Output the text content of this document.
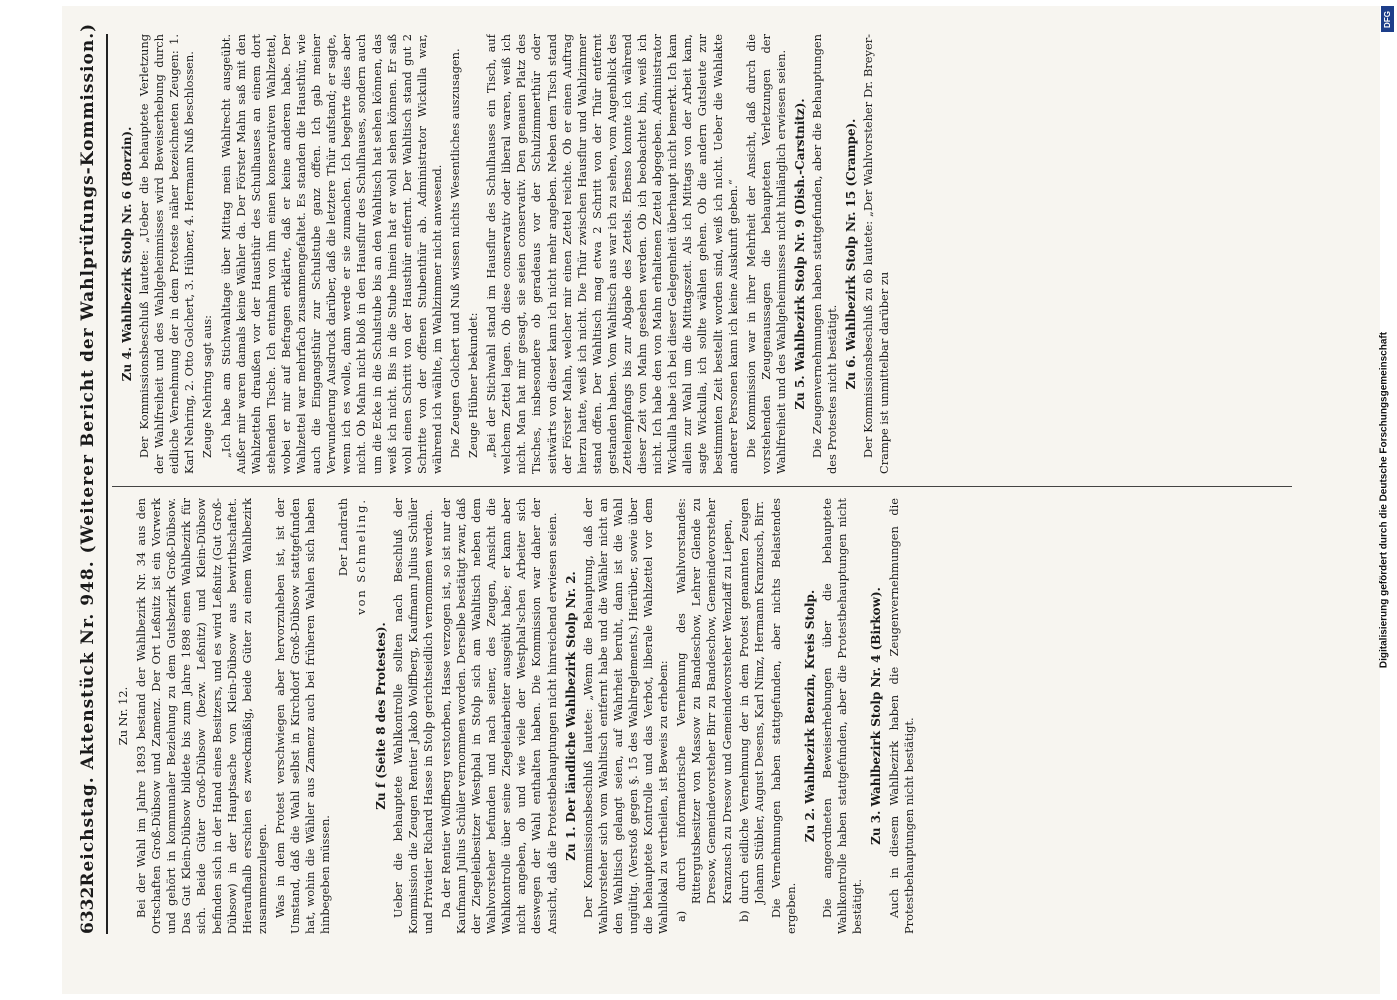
6332
Reichstag. Aktenstück Nr. 948. (Weiterer Bericht der Wahlprüfungs-Kommission.) Zu Nr. 12. Bei der Wahl im Jahre 1893 bestand der Wahlbezirk Nr. 34 aus den Ortschaften Groß-Dübsow und Zamenz. Der Ort Leßnitz ist ein Vorwerk und gehört in kommunaler Beziehung zu dem Gutsbezirk Groß-Dübsow. Das Gut Klein-Dübsow bildete bis zum Jahre 1898 einen Wahlbezirk für sich. Beide Güter Groß-Dübsow (bezw. Leßnitz) und Klein-Dübsow befinden sich in der Hand eines Besitzers, und es wird Leßnitz (Gut Groß-Dübsow) in der Hauptsache von Klein-Dübsow aus bewirthschaftet. Hieraufhalb erschien es zweckmäßig, beide Güter zu einem Wahlbezirk zusammenzulegen. Was in dem Protest verschwiegen aber hervorzuheben ist, ist der Umstand, daß die Wahl selbst in Kirchdorf Groß-Dübsow stattgefunden hat, wohin die Wähler aus Zamenz auch bei früheren Wahlen sich haben hinbegeben müssen.

Der Landrath von Schmeling.

Zu f (Seite 8 des Protestes). Ueber die behauptete Wahlkontrolle sollten nach Beschluß der Kommission die Zeugen Rentier Jakob Wolffberg, Kaufmann Julius Schüler und Privatier Richard Hasse in Stolp gerichtseidlich vernommen werden. Da der Rentier Wolffberg verstorben, Hasse verzogen ist, so ist nur der Kaufmann Julius Schüler vernommen worden. Derselbe bestätigt zwar, daß der Ziegeleibesitzer Westphal in Stolp sich am Wahltisch neben dem Wahlvorsteher befunden und nach seiner, des Zeugen, Ansicht die Wahlkontrolle über seine Ziegeleiarbeiter ausgeübt habe; er kann aber nicht angeben, ob und wie viele der Westphal'schen Arbeiter sich deswegen der Wahl enthalten haben. Die Kommission war daher der Ansicht, daß die Protestbehauptungen nicht hinreichend erwiesen seien. Zu 1. Der ländliche Wahlbezirk Stolp Nr. 2. Der Kommissionsbeschluß lautete: „Wenn die Behauptung, daß der Wahlvorsteher sich vom Wahltisch entfernt habe und die Wähler nicht an den Wahltisch gelangt seien, auf Wahrheit beruht, dann ist die Wahl ungültig. (Verstoß gegen §. 15 des Wahlreglements.) Hierüber, sowie über die behauptete Kontrolle und das Verbot, liberale Wahlzettel vor dem Wahllokal zu vertheilen, ist Beweis zu erheben: a) durch informatorische Vernehmung des Wahlvorstandes: Rittergutsbesitzer von Massow zu Bandeschow, Lehrer Glende zu Dresow, Gemeindevorsteher Birr zu Bandeschow, Gemeindevorsteher Kranzusch zu Dresow und Gemeindevorsteher Wenzlaff zu Liepen, b) durch eidliche Vernehmung der in dem Protest genannten Zeugen Johann Stübler, August Desens, Karl Nimz, Hermann Kranzusch, Birr. Die Vernehmungen haben stattgefunden, aber nichts Belastendes ergeben.

Zu 2. Wahlbezirk Benzin, Kreis Stolp. Die angeordneten Beweiserhebungen über die behauptete Wahlkontrolle haben stattgefunden, aber die Protestbehauptungen nicht bestätigt.

Zu 3. Wahlbezirk Stolp Nr. 4 (Birkow). Auch in diesem Wahlbezirk haben die Zeugenvernehmungen die Protestbehauptungen nicht bestätigt.

Zu 4. Wahlbezirk Stolp Nr. 6 (Borzin). Der Kommissionsbeschluß lautete: „Ueber die behauptete Verletzung der Wahlfreiheit und des Wahlgeheimnisses wird Beweiserhebung durch eidliche Vernehmung der in dem Proteste näher bezeichneten Zeugen: 1. Karl Nehring, 2. Otto Golchert, 3. Hübner, 4. Hermann Nuß beschlossen. Zeuge Nehring sagt aus: „Ich habe am Stichwahltage über Mittag mein Wahlrecht ausgeübt. Außer mir waren damals keine Wähler da. Der Förster Mahn saß mit den Wahlzetteln draußen vor der Hausthür des Schulhauses an einem dort stehenden Tische. Ich entnahm von ihm einen konservativen Wahlzettel, wobei er mir auf Befragen erklärte, daß er keine anderen habe. Der Wahlzettel war mehrfach zusammengefaltet. Es standen die Hausthür, wie auch die Eingangsthür zur Schulstube ganz offen. Ich gab meiner Verwunderung Ausdruck darüber, daß die letztere Thür aufstand; er sagte, wenn ich es wolle, dann werde er sie zumachen. Ich begehrte dies aber nicht. Ob Mahn nicht bloß in den Hausflur des Schulhauses, sondern auch um die Ecke in die Schulstube bis an den Wahltisch hat sehen können, das weiß ich nicht. Bis in die Stube hinein hat er wohl sehen können. Er saß wohl einen Schritt von der Hausthür entfernt. Der Wahltisch stand gut 2 Schritte von der offenen Stubenthür ab. Administrator Wickulla war, während ich wählte, im Wahlzimmer nicht anwesend. Die Zeugen Golchert und Nuß wissen nichts Wesentliches auszusagen. Zeuge Hübner bekundet: „Bei der Stichwahl stand im Hausflur des Schulhauses ein Tisch, auf welchem Zettel lagen. Ob diese conservativ oder liberal waren, weiß ich nicht. Man hat mir gesagt, sie seien conservativ. Den genauen Platz des Tisches, insbesondere ob geradeaus vor der Schulzimmerthür oder seitwärts von dieser kann ich nicht mehr angeben. Neben dem Tisch stand der Förster Mahn, welcher mir einen Zettel reichte. Ob er einen Auftrag hierzu hatte, weiß ich nicht. Die Thür zwischen Hausflur und Wahlzimmer stand offen. Der Wahltisch mag etwa 2 Schritt von der Thür entfernt gestanden haben. Vom Wahltisch aus war ich zu sehen, vom Augenblick des Zettelempfangs bis zur Abgabe des Zettels. Ebenso konnte ich während dieser Zeit von Mahn gesehen werden. Ob ich beobachtet bin, weiß ich nicht. Ich habe den von Mahn erhaltenen Zettel abgegeben. Administrator Wickulla habe ich bei dieser Gelegenheit überhaupt nicht bemerkt. Ich kam allein zur Wahl um die Mittagszeit. Als ich Mittags von der Arbeit kam, sagte Wickulla, ich sollte wählen gehen. Ob die andern Gutsleute zur bestimmten Zeit bestellt worden sind, weiß ich nicht. Ueber die Wahlakte anderer Personen kann ich keine Auskunft geben.“ Die Kommission war in ihrer Mehrheit der Ansicht, daß durch die vorstehenden Zeugenaussagen die behaupteten Verletzungen der Wahlfreiheit und des Wahlgeheimnisses nicht hinlänglich erwiesen seien. Zu 5. Wahlbezirk Stolp Nr. 9 (Dish.-Carstnitz). Die Zeugenvernehmungen haben stattgefunden, aber die Behauptungen des Protestes nicht bestätigt. Zu 6. Wahlbezirk Stolp Nr. 15 (Crampe). Der Kommissionsbeschluß zu 6b lautete: „Der Wahlvorsteher Dr. Breyer-Crampe ist unmittelbar darüber zu	Digitalisierung gefördert durch die Deutsche Forschungsgemeinschaft
DFG
